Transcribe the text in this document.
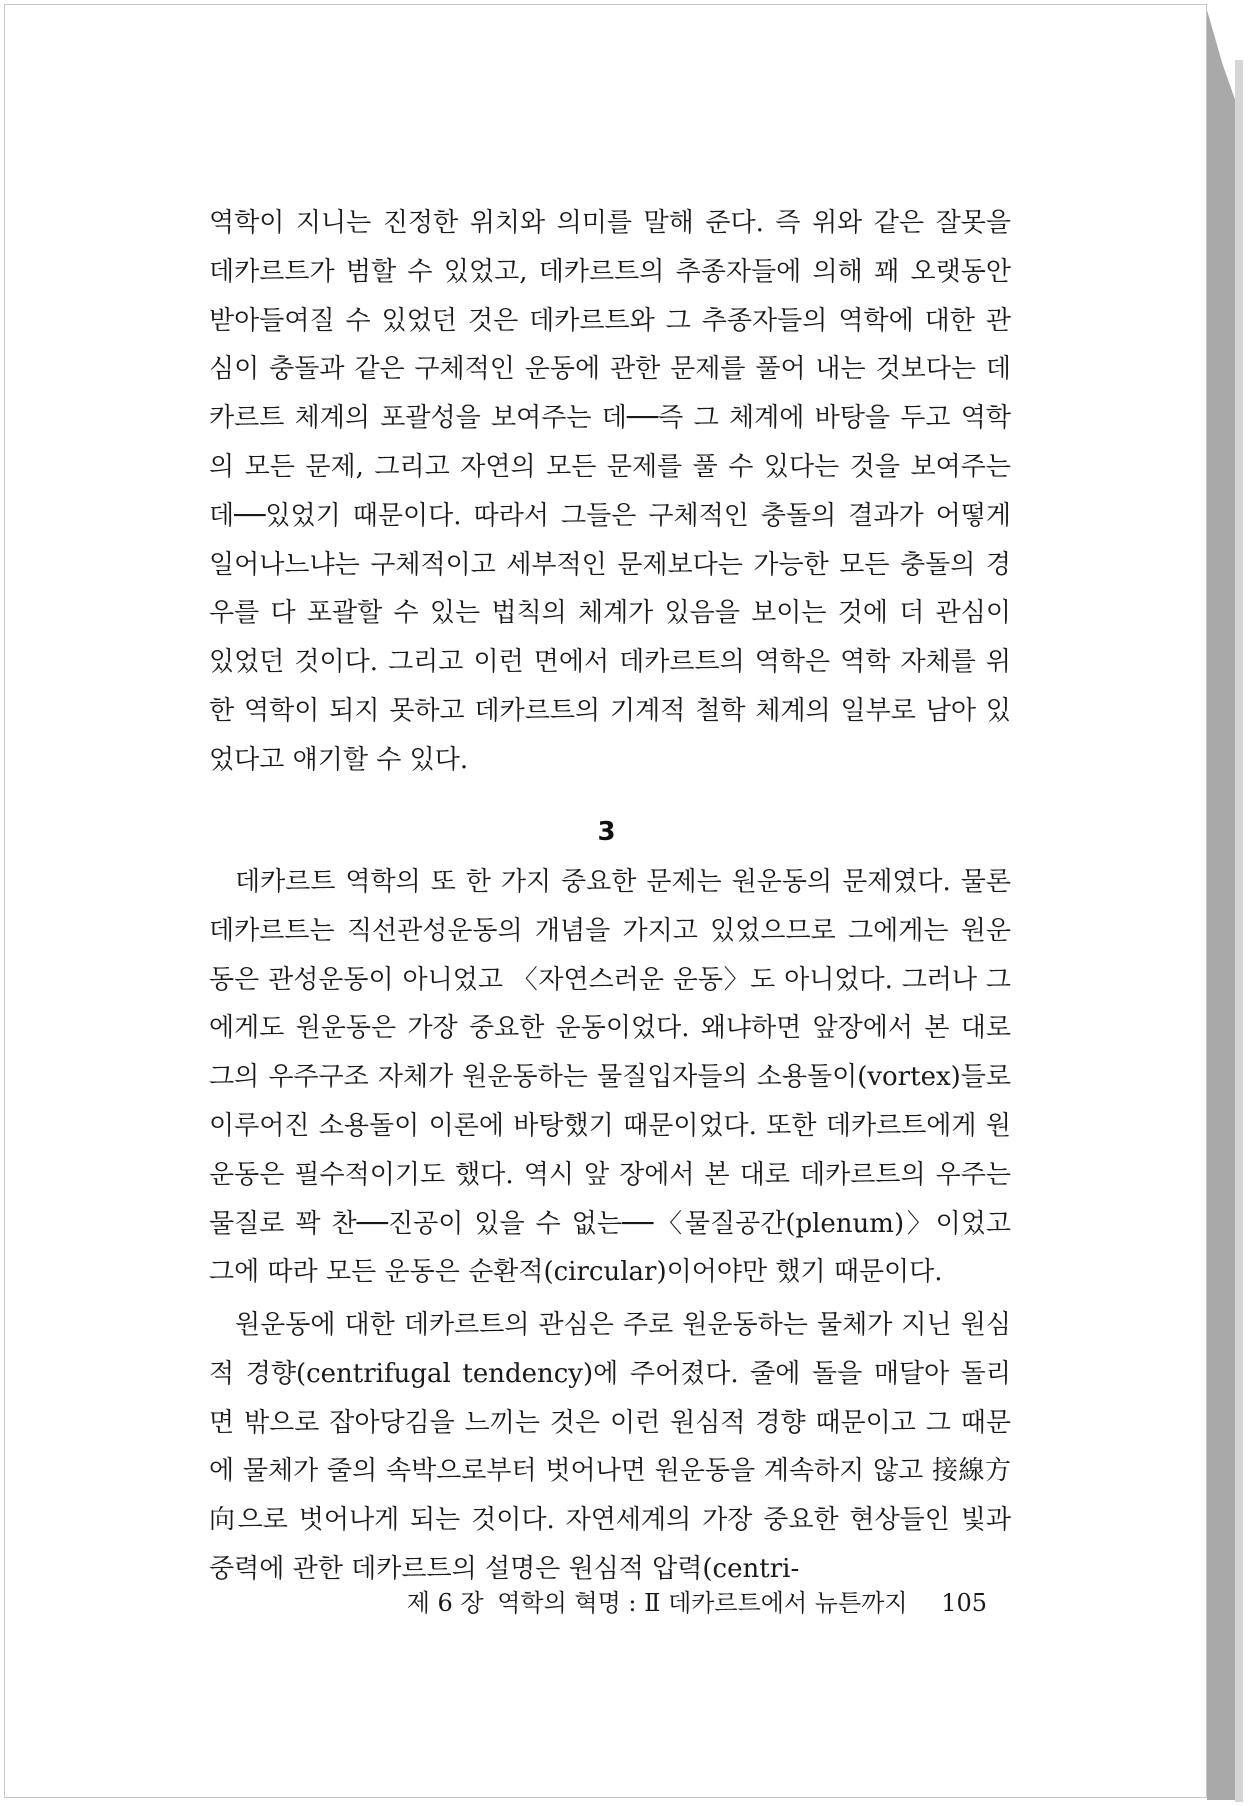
역학이 지니는 진정한 위치와 의미를 말해 준다. 즉 위와 같은 잘못을 데카르트가 범할 수 있었고, 데카르트의 추종자들에 의해 꽤 오랫동안 받아들여질 수 있었던 것은 데카르트와 그 추종자들의 역학에 대한 관심이 충돌과 같은 구체적인 운동에 관한 문제를 풀어 내는 것보다는 데카르트 체계의 포괄성을 보여주는 데──즉 그 체계에 바탕을 두고 역학의 모든 문제, 그리고 자연의 모든 문제를 풀 수 있다는 것을 보여주는 데──있었기 때문이다. 따라서 그들은 구체적인 충돌의 결과가 어떻게 일어나느냐는 구체적이고 세부적인 문제보다는 가능한 모든 충돌의 경우를 다 포괄할 수 있는 법칙의 체계가 있음을 보이는 것에 더 관심이 있었던 것이다. 그리고 이런 면에서 데카르트의 역학은 역학 자체를 위한 역학이 되지 못하고 데카르트의 기계적 철학 체계의 일부로 남아 있었다고 얘기할 수 있다.

3

데카르트 역학의 또 한 가지 중요한 문제는 원운동의 문제였다. 물론 데카르트는 직선관성운동의 개념을 가지고 있었으므로 그에게는 원운동은 관성운동이 아니었고 〈자연스러운 운동〉도 아니었다. 그러나 그에게도 원운동은 가장 중요한 운동이었다. 왜냐하면 앞장에서 본 대로 그의 우주구조 자체가 원운동하는 물질입자들의 소용돌이(vortex)들로 이루어진 소용돌이 이론에 바탕했기 때문이었다. 또한 데카르트에게 원운동은 필수적이기도 했다. 역시 앞 장에서 본 대로 데카르트의 우주는 물질로 꽉 찬──진공이 있을 수 없는──〈물질공간(plenum)〉이었고 그에 따라 모든 운동은 순환적(circular)이어야만 했기 때문이다.

원운동에 대한 데카르트의 관심은 주로 원운동하는 물체가 지닌 원심적 경향(centrifugal tendency)에 주어졌다. 줄에 돌을 매달아 돌리면 밖으로 잡아당김을 느끼는 것은 이런 원심적 경향 때문이고 그 때문에 물체가 줄의 속박으로부터 벗어나면 원운동을 계속하지 않고 接線方向으로 벗어나게 되는 것이다. 자연세계의 가장 중요한 현상들인 빛과 중력에 관한 데카르트의 설명은 원심적 압력(centri-

제 6 장 역학의 혁명 : Ⅱ 데카르트에서 뉴튼까지 105
